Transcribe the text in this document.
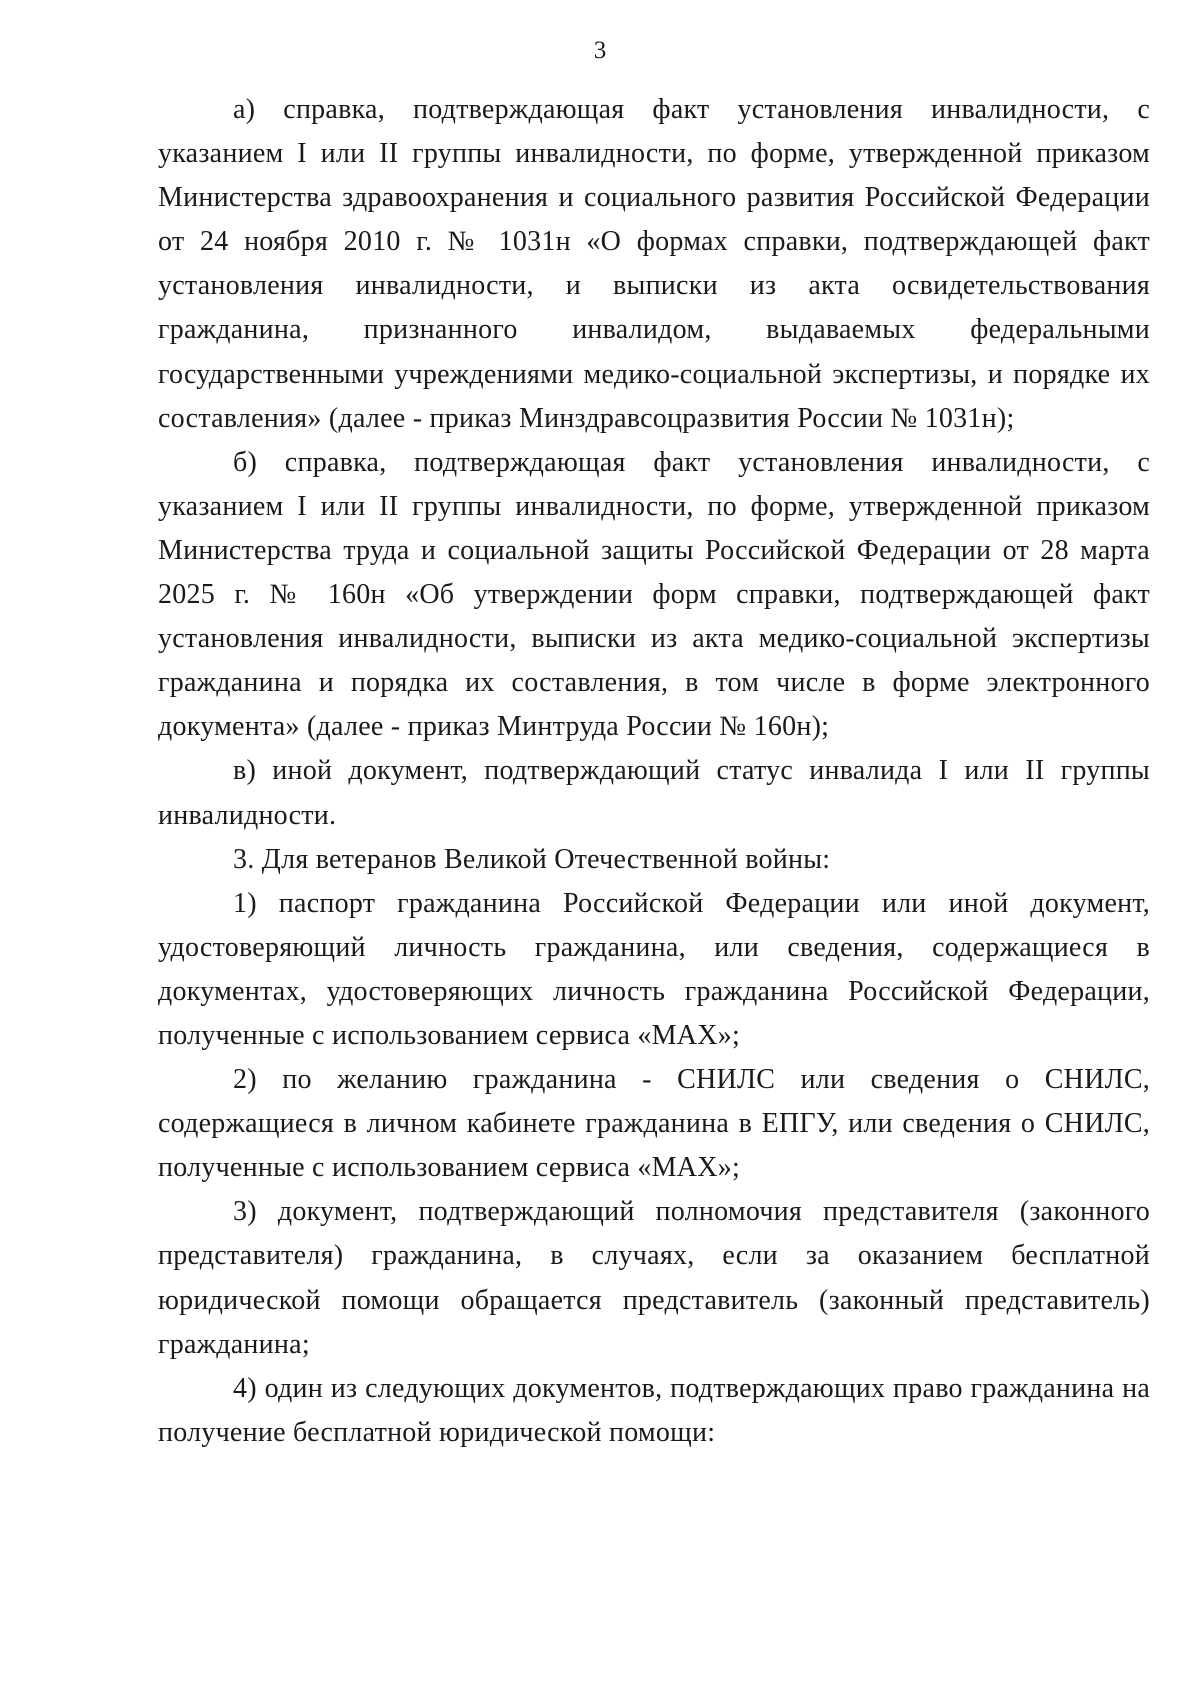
3

а) справка, подтверждающая факт установления инвалидности, с указанием I или II группы инвалидности, по форме, утвержденной приказом Министерства здравоохранения и социального развития Российской Федерации от 24 ноября 2010 г. № 1031н «О формах справки, подтверждающей факт установления инвалидности, и выписки из акта освидетельствования гражданина, признанного инвалидом, выдаваемых федеральными государственными учреждениями медико-социальной экспертизы, и порядке их составления» (далее - приказ Минздравсоцразвития России № 1031н);

б) справка, подтверждающая факт установления инвалидности, с указанием I или II группы инвалидности, по форме, утвержденной приказом Министерства труда и социальной защиты Российской Федерации от 28 марта 2025 г. № 160н «Об утверждении форм справки, подтверждающей факт установления инвалидности, выписки из акта медико-социальной экспертизы гражданина и порядка их составления, в том числе в форме электронного документа» (далее - приказ Минтруда России № 160н);

в) иной документ, подтверждающий статус инвалида I или II группы инвалидности.

3. Для ветеранов Великой Отечественной войны:

1) паспорт гражданина Российской Федерации или иной документ, удостоверяющий личность гражданина, или сведения, содержащиеся в документах, удостоверяющих личность гражданина Российской Федерации, полученные с использованием сервиса «MAX»;

2) по желанию гражданина - СНИЛС или сведения о СНИЛС, содержащиеся в личном кабинете гражданина в ЕПГУ, или сведения о СНИЛС, полученные с использованием сервиса «MAX»;

3) документ, подтверждающий полномочия представителя (законного представителя) гражданина, в случаях, если за оказанием бесплатной юридической помощи обращается представитель (законный представитель) гражданина;

4) один из следующих документов, подтверждающих право гражданина на получение бесплатной юридической помощи:
